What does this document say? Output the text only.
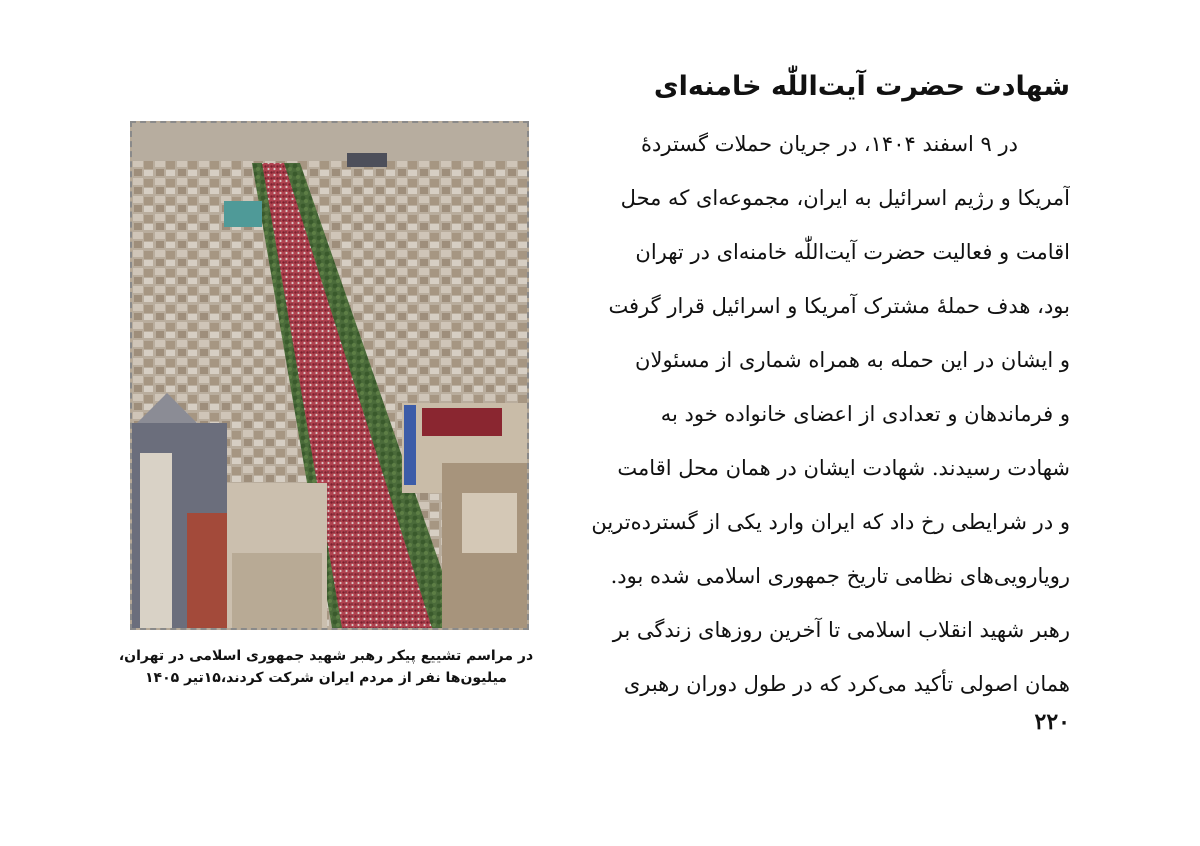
شهادت حضرت آیت‌اللّٰه خامنه‌ای
در ۹ اسفند ۱۴۰۴، در جریان حملات گستردهٔ
آمریکا و رژیم اسرائیل به ایران، مجموعه‌ای که محل
اقامت و فعالیت حضرت آیت‌اللّٰه خامنه‌ای در تهران
بود، هدف حملهٔ مشترک آمریکا و اسرائیل قرار گرفت
و ایشان در این حمله به همراه شماری از مسئولان
و فرماندهان و تعدادی از اعضای خانواده خود به
شهادت رسیدند. شهادت ایشان در همان محل اقامت
و در شرایطی رخ داد که ایران وارد یکی از گسترده‌ترین
رویارویی‌های نظامی تاریخ جمهوری اسلامی شده بود.
رهبر شهید انقلاب اسلامی تا آخرین روزهای زندگی بر
همان اصولی تأکید می‌کرد که در طول دوران رهبری
۲۲۰
در مراسم تشییع پیکر رهبر شهید جمهوری اسلامی در تهران،
میلیون‌ها نفر از مردم ایران شرکت کردند،۱۵تیر ۱۴۰۵
